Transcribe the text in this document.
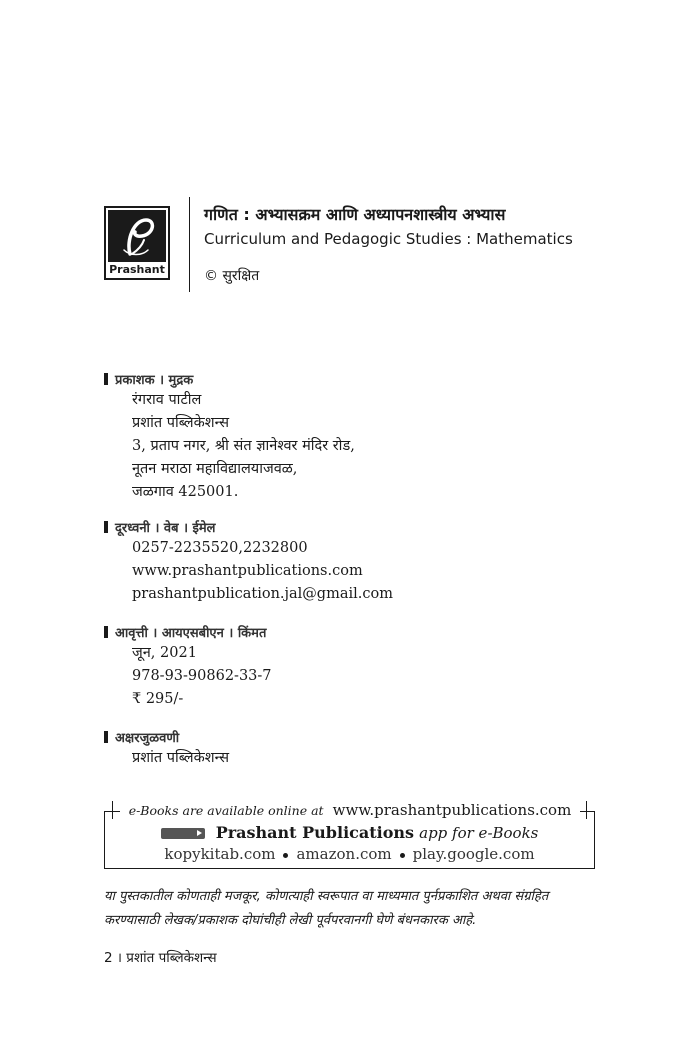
Prashant
गणित : अभ्यासक्रम आणि अध्यापनशास्त्रीय अभ्यास
Curriculum and Pedagogic Studies : Mathematics
© सुरक्षित
प्रकाशक । मुद्रक
रंगराव पाटील
प्रशांत पब्लिकेशन्स
3, प्रताप नगर, श्री संत ज्ञानेश्वर मंदिर रोड,
नूतन मराठा महाविद्यालयाजवळ,
जळगाव 425001.
दूरध्वनी । वेब । ईमेल
0257-2235520,2232800
www.prashantpublications.com
prashantpublication.jal@gmail.com
आवृत्ती । आयएसबीएन । किंमत
जून, 2021
978-93-90862-33-7
₹ 295/-
अक्षरजुळवणी
प्रशांत पब्लिकेशन्स
e-Books are available online at www.prashantpublications.com
Prashant Publications app for e-Books
kopykitab.com amazon.com play.google.com
या पुस्तकातील कोणताही मजकूर, कोणत्याही स्वरूपात वा माध्यमात पुर्नप्रकाशित अथवा संग्रहित करण्यासाठी लेखक/प्रकाशक दोघांचीही लेखी पूर्वपरवानगी घेणे बंधनकारक आहे.
2 । प्रशांत पब्लिकेशन्स
